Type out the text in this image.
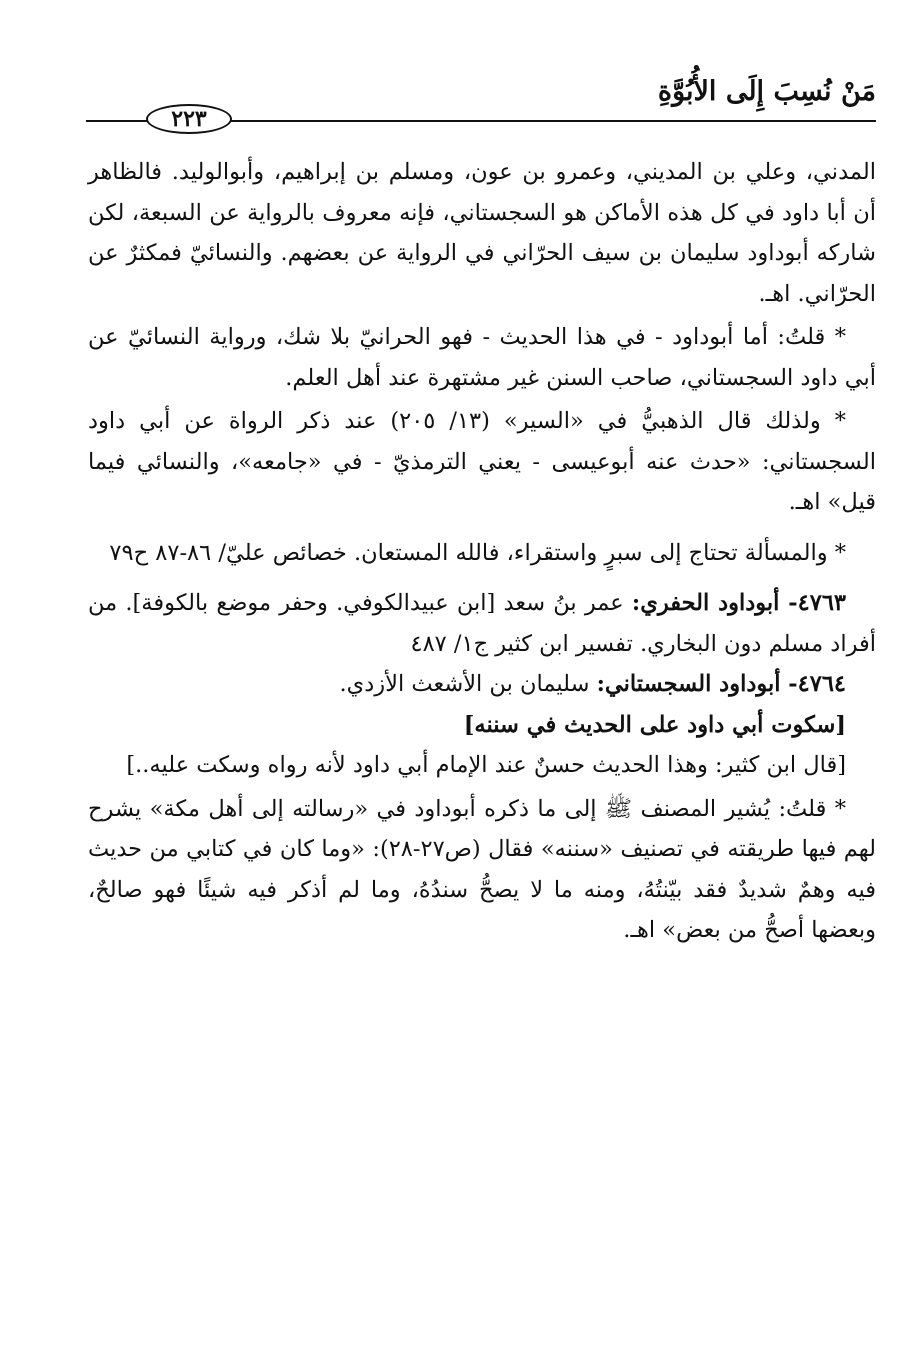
مَنْ نُسِبَ إِلَى الأُبُوَّةِ
٢٢٣

المدني، وعلي بن المديني، وعمرو بن عون، ومسلم بن إبراهيم، وأبوالوليد. فالظاهر أن أبا داود في كل هذه الأماكن هو السجستاني، فإنه معروف بالرواية عن السبعة، لكن شاركه أبوداود سليمان بن سيف الحرّاني في الرواية عن بعضهم. والنسائيّ فمكثرٌ عن الحرّاني. اهـ.

* قلتُ: أما أبوداود - في هذا الحديث - فهو الحرانيّ بلا شك، ورواية النسائيّ عن أبي داود السجستاني، صاحب السنن غير مشتهرة عند أهل العلم.

* ولذلك قال الذهبيُّ في «السير» (١٣/ ٢٠٥) عند ذكر الرواة عن أبي داود السجستاني: «حدث عنه أبوعيسى - يعني الترمذيّ - في «جامعه»، والنسائي فيما قيل» اهـ.

* والمسألة تحتاج إلى سبرٍ واستقراء، فالله المستعان. خصائص عليّ/ ٨٦-٨٧ ح٧٩

٤٧٦٣- أبوداود الحفري: عمر بنُ سعد [ابن عبيدالكوفي. وحفر موضع بالكوفة]. من أفراد مسلم دون البخاري. تفسير ابن كثير ج١/ ٤٨٧

٤٧٦٤- أبوداود السجستاني: سليمان بن الأشعث الأزدي.

[سكوت أبي داود على الحديث في سننه]

[قال ابن كثير: وهذا الحديث حسنٌ عند الإمام أبي داود لأنه رواه وسكت عليه..]

* قلتُ: يُشير المصنف ﷺ إلى ما ذكره أبوداود في «رسالته إلى أهل مكة» يشرح لهم فيها طريقته في تصنيف «سننه» فقال (ص٢٧-٢٨): «وما كان في كتابي من حديث فيه وهمٌ شديدٌ فقد بيّنتُهُ، ومنه ما لا يصحُّ سندُهُ، وما لم أذكر فيه شيئًا فهو صالحٌ، وبعضها أصحُّ من بعض» اهـ.
